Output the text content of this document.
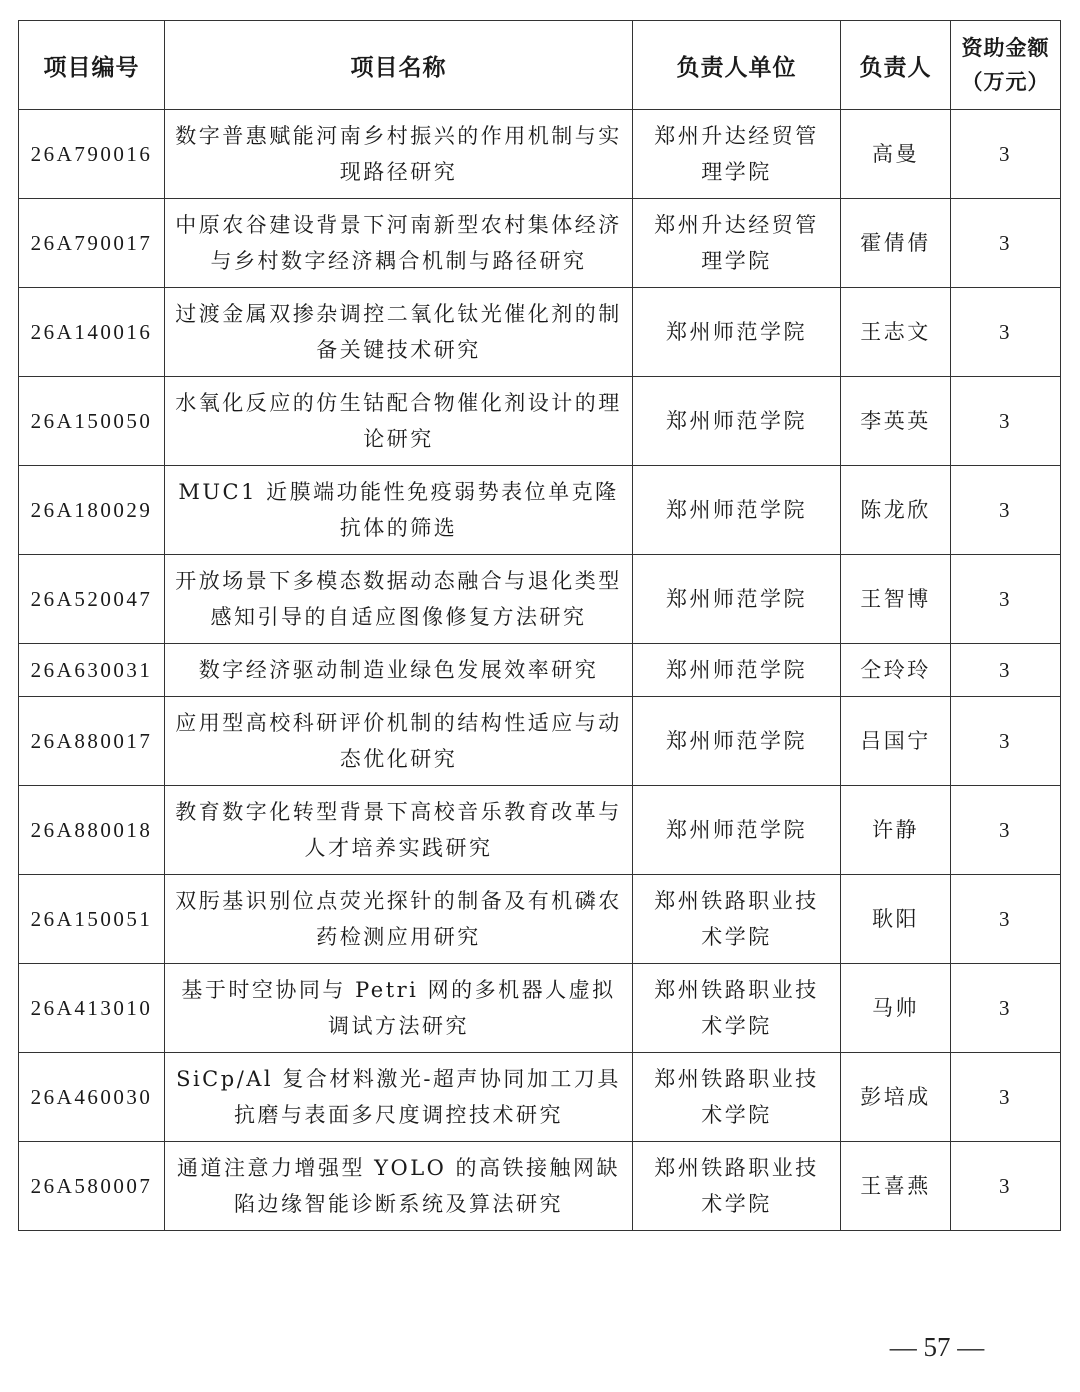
项目编号	项目名称	负责人单位	负责人	资助金额
（万元）

26A790016	数字普惠赋能河南乡村振兴的作用机制与实现路径研究	郑州升达经贸管理学院	高曼	3
26A790017	中原农谷建设背景下河南新型农村集体经济与乡村数字经济耦合机制与路径研究	郑州升达经贸管理学院	霍倩倩	3
26A140016	过渡金属双掺杂调控二氧化钛光催化剂的制备关键技术研究	郑州师范学院	王志文	3
26A150050	水氧化反应的仿生钴配合物催化剂设计的理论研究	郑州师范学院	李英英	3
26A180029	MUC1 近膜端功能性免疫弱势表位单克隆抗体的筛选	郑州师范学院	陈龙欣	3
26A520047	开放场景下多模态数据动态融合与退化类型感知引导的自适应图像修复方法研究	郑州师范学院	王智博	3
26A630031	数字经济驱动制造业绿色发展效率研究	郑州师范学院	仝玲玲	3
26A880017	应用型高校科研评价机制的结构性适应与动态优化研究	郑州师范学院	吕国宁	3
26A880018	教育数字化转型背景下高校音乐教育改革与人才培养实践研究	郑州师范学院	许静	3
26A150051	双肟基识别位点荧光探针的制备及有机磷农药检测应用研究	郑州铁路职业技术学院	耿阳	3
26A413010	基于时空协同与 Petri 网的多机器人虚拟调试方法研究	郑州铁路职业技术学院	马帅	3
26A460030	SiCp/Al 复合材料激光-超声协同加工刀具抗磨与表面多尺度调控技术研究	郑州铁路职业技术学院	彭培成	3
26A580007	通道注意力增强型 YOLO 的高铁接触网缺陷边缘智能诊断系统及算法研究	郑州铁路职业技术学院	王喜燕	3
— 57 —
